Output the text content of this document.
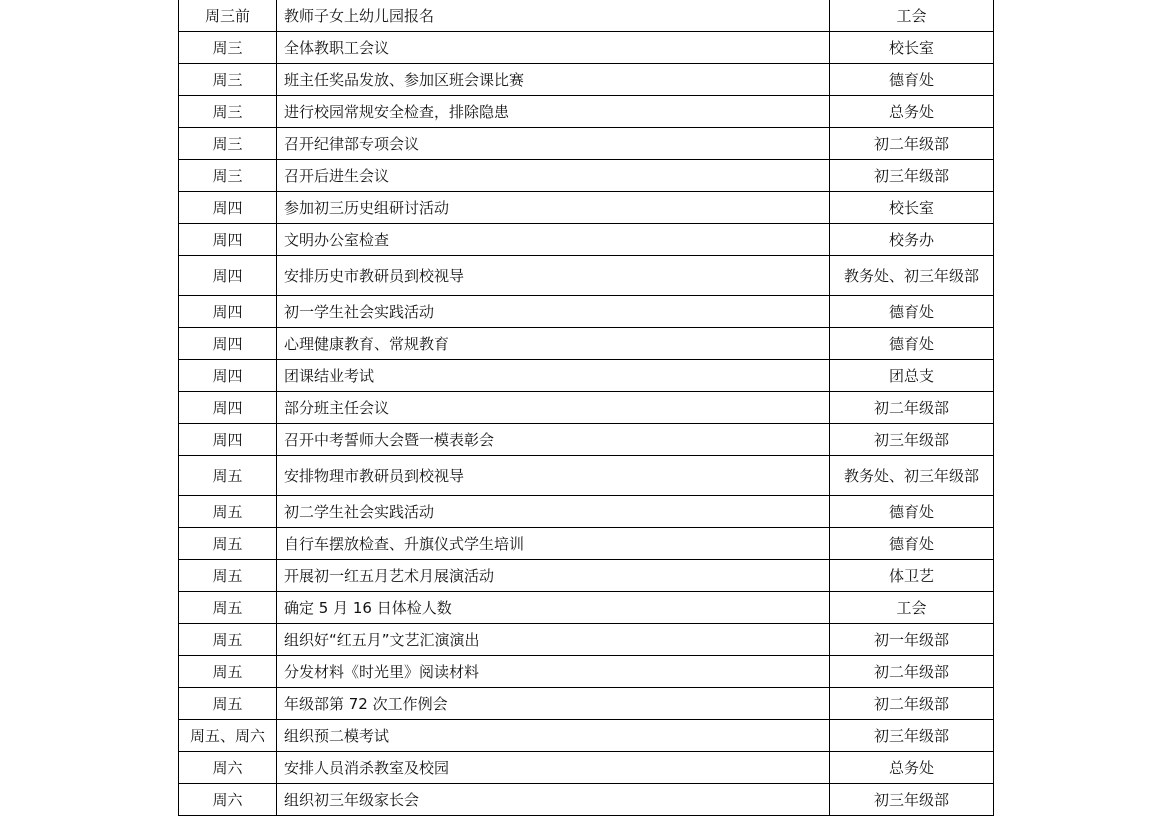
周三前	教师子女上幼儿园报名	工会
周三	全体教职工会议	校长室
周三	班主任奖品发放、参加区班会课比赛	德育处
周三	进行校园常规安全检查，排除隐患	总务处
周三	召开纪律部专项会议	初二年级部
周三	召开后进生会议	初三年级部
周四	参加初三历史组研讨活动	校长室
周四	文明办公室检查	校务办
周四	安排历史市教研员到校视导	教务处、初三年级部
周四	初一学生社会实践活动	德育处
周四	心理健康教育、常规教育	德育处
周四	团课结业考试	团总支
周四	部分班主任会议	初二年级部
周四	召开中考誓师大会暨一模表彰会	初三年级部
周五	安排物理市教研员到校视导	教务处、初三年级部
周五	初二学生社会实践活动	德育处
周五	自行车摆放检查、升旗仪式学生培训	德育处
周五	开展初一红五月艺术月展演活动	体卫艺
周五	确定 5 月 16 日体检人数	工会
周五	组织好“红五月”文艺汇演演出	初一年级部
周五	分发材料《时光里》阅读材料	初二年级部
周五	年级部第 72 次工作例会	初二年级部
周五、周六	组织预二模考试	初三年级部
周六	安排人员消杀教室及校园	总务处
周六	组织初三年级家长会	初三年级部
